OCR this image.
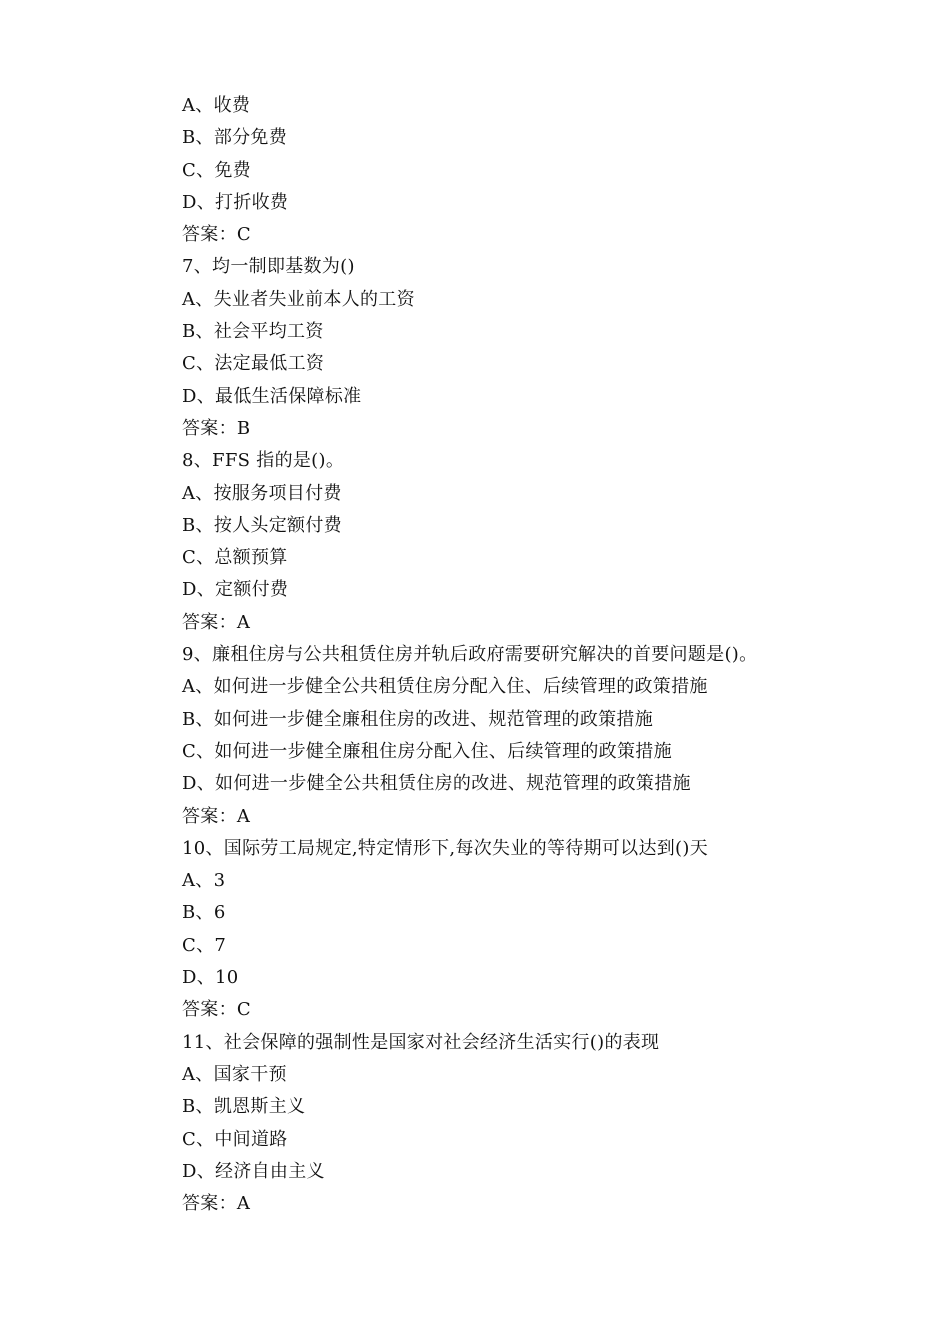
A、收费
B、部分免费
C、免费
D、打折收费
答案：C
7、均一制即基数为()
A、失业者失业前本人的工资
B、社会平均工资
C、法定最低工资
D、最低生活保障标准
答案：B
8、FFS 指的是()。
A、按服务项目付费
B、按人头定额付费
C、总额预算
D、定额付费
答案：A
9、廉租住房与公共租赁住房并轨后政府需要研究解决的首要问题是()。
A、如何进一步健全公共租赁住房分配入住、后续管理的政策措施
B、如何进一步健全廉租住房的改进、规范管理的政策措施
C、如何进一步健全廉租住房分配入住、后续管理的政策措施
D、如何进一步健全公共租赁住房的改进、规范管理的政策措施
答案：A
10、国际劳工局规定,特定情形下,每次失业的等待期可以达到()天
A、3
B、6
C、7
D、10
答案：C
11、社会保障的强制性是国家对社会经济生活实行()的表现
A、国家干预
B、凯恩斯主义
C、中间道路
D、经济自由主义
答案：A
